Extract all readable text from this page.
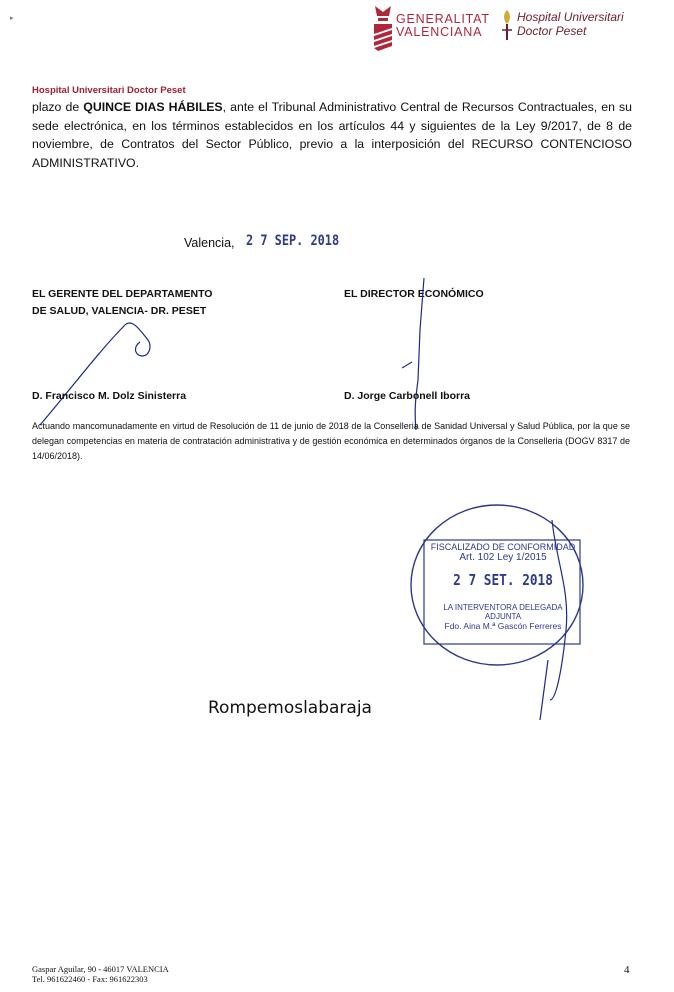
▸	GENERALITAT
VALENCIANA
Hospital Universitari
Doctor Peset
Hospital Universitari Doctor Peset
plazo de QUINCE DIAS HÁBILES, ante el Tribunal Administrativo Central de Recursos Contractuales, en su sede electrónica, en los términos establecidos en los artículos 44 y siguientes de la Ley 9/2017, de 8 de noviembre, de Contratos del Sector Público, previo a la interposición del RECURSO CONTENCIOSO ADMINISTRATIVO.
Valencia, 2 7 SEP. 2018
EL GERENTE DEL DEPARTAMENTO
DE SALUD, VALENCIA- DR. PESET
EL DIRECTOR ECONÓMICO
D. Francisco M. Dolz Sinisterra	D. Jorge Carbonell Iborra
Actuando mancomunadamente en virtud de Resolución de 11 de junio de 2018 de la Conselleria de Sanidad Universal y Salud Pública, por la que se delegan competencias en materia de contratación administrativa y de gestión económica en determinados órganos de la Conselleria (DOGV 8317 de 14/06/2018).
FISCALIZADO DE CONFORMIDAD
Art. 102 Ley 1/2015
2 7 SET. 2018
LA INTERVENTORA DELEGADA ADJUNTA
Fdo. Aina M.ª Gascón Ferreres
Rompemoslabaraja
Gaspar Aguilar, 90 - 46017 VALENCIA
Tel. 961622460 - Fax: 961622303
4
